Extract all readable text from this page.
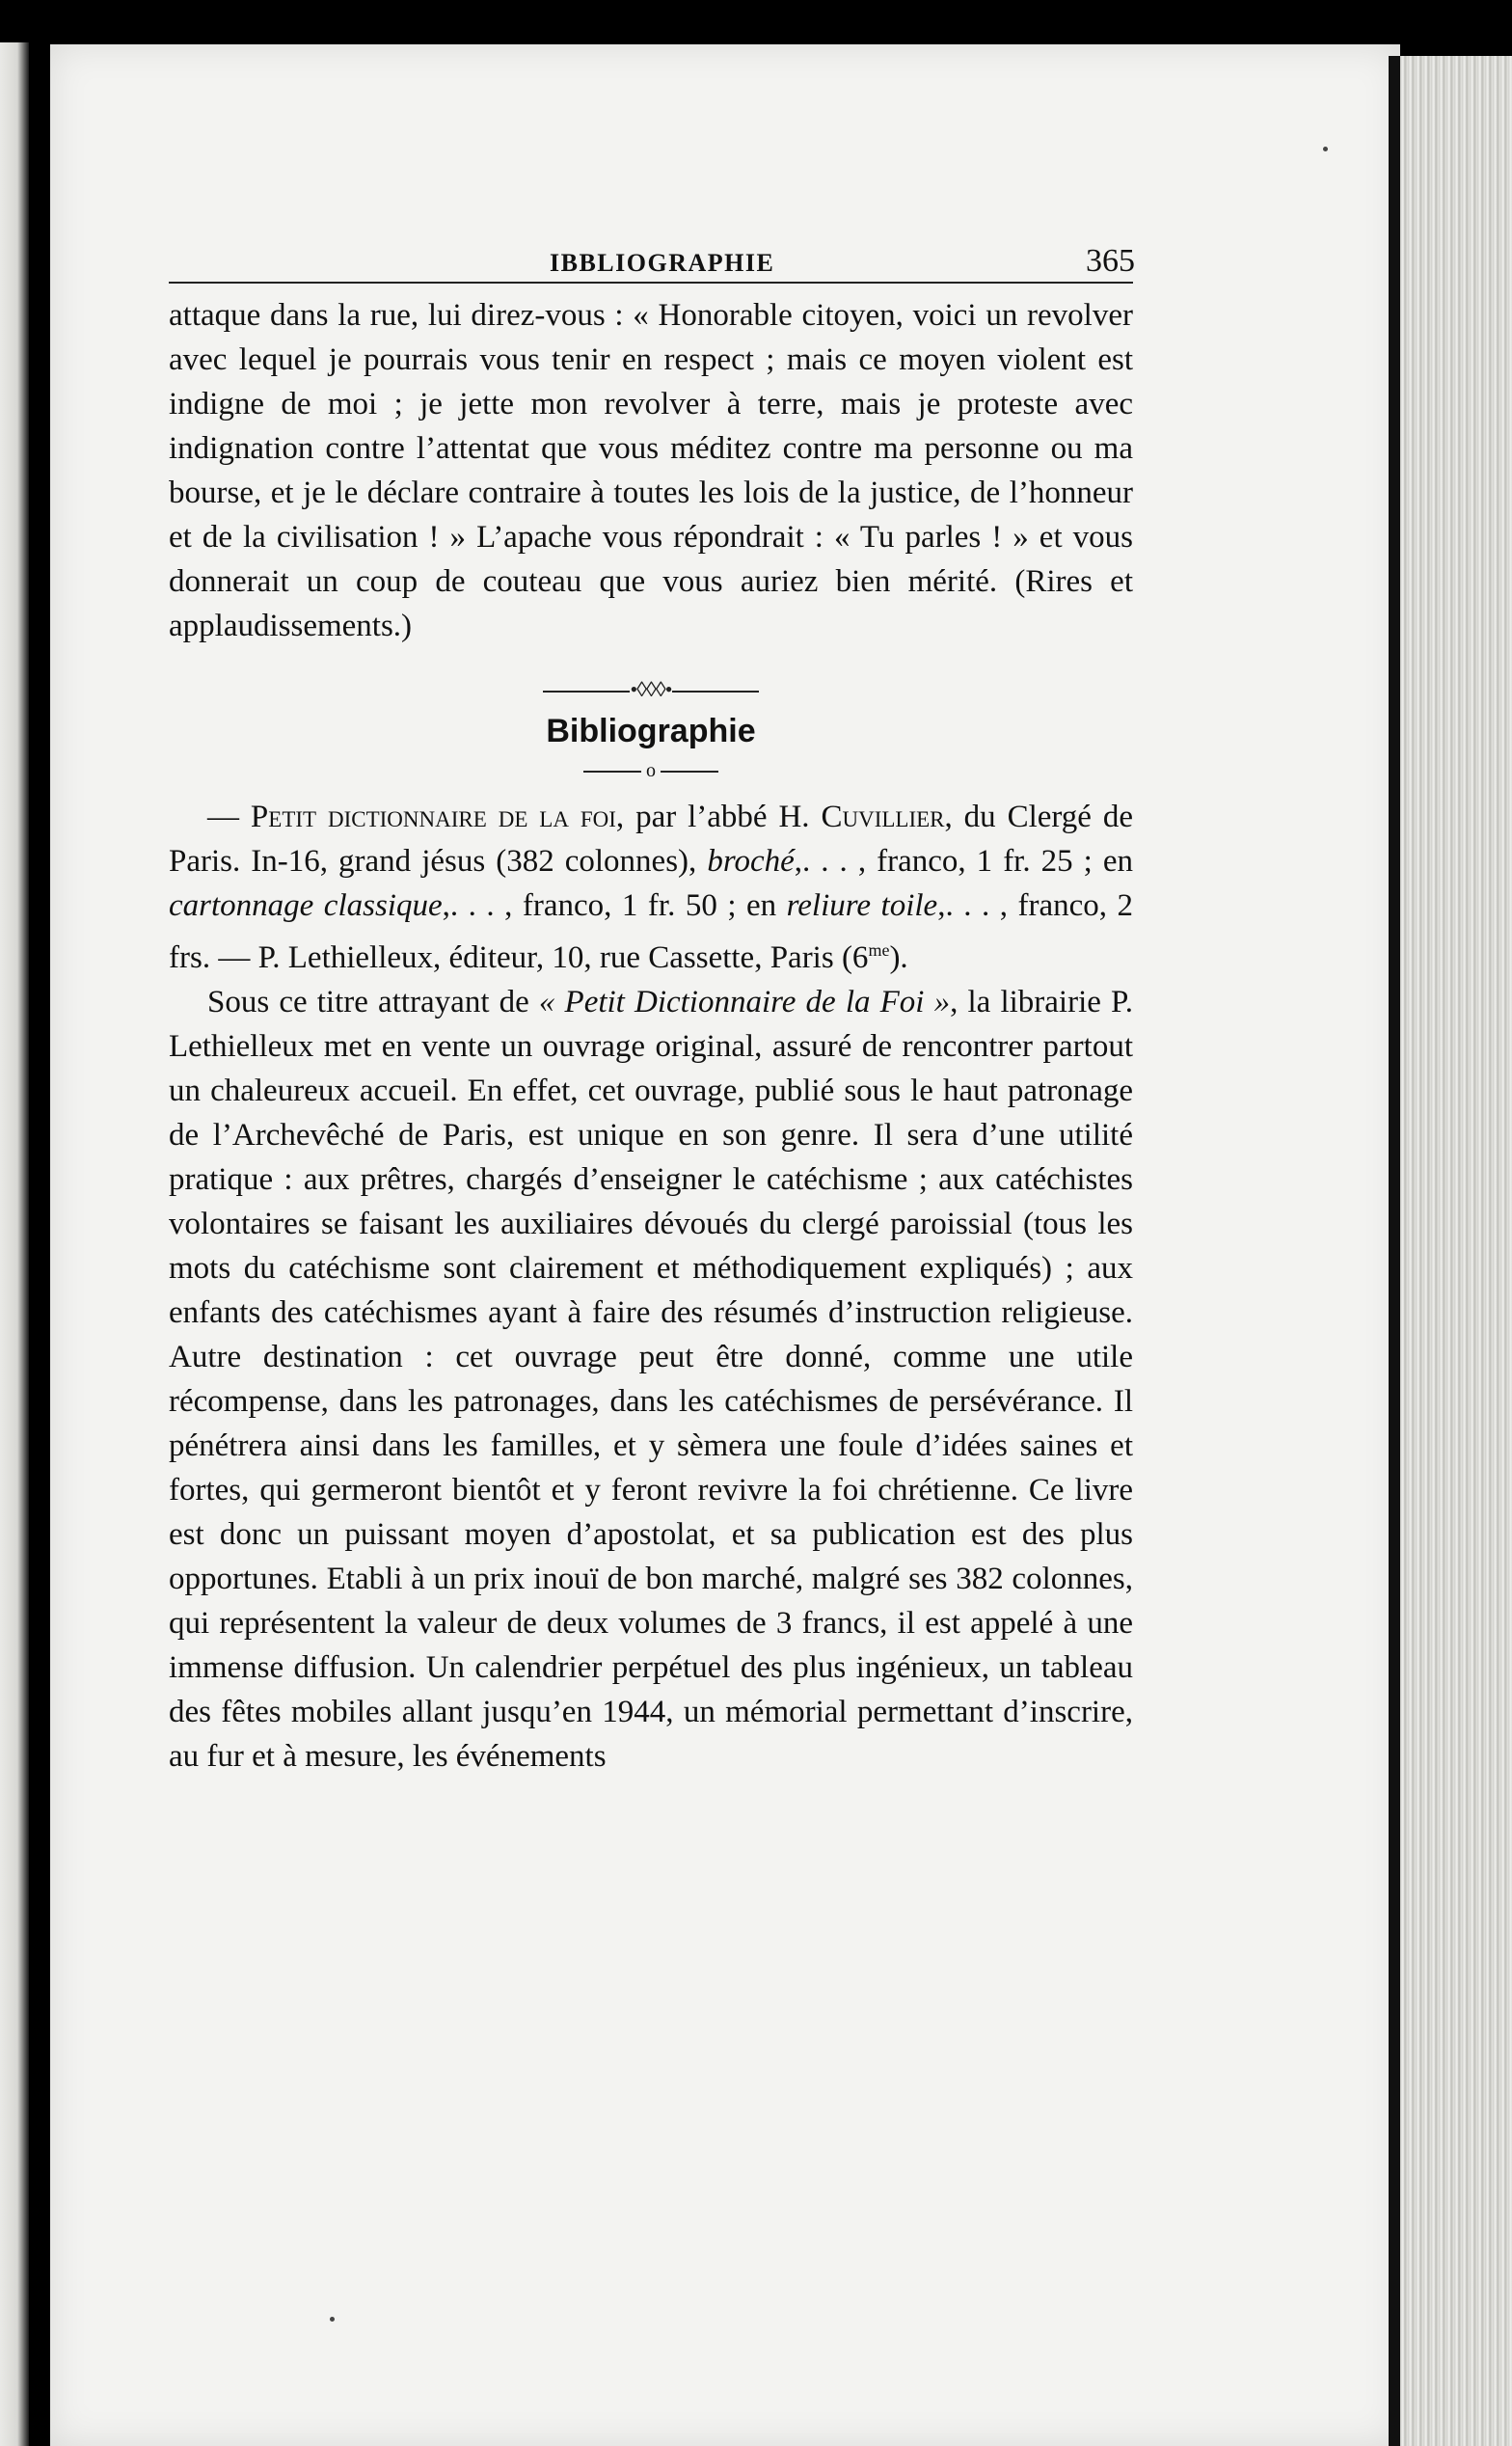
IBBLIOGRAPHIE	365

attaque dans la rue, lui direz-vous : « Honorable citoyen, voici un revolver avec lequel je pourrais vous tenir en respect ; mais ce moyen violent est indigne de moi ; je jette mon revolver à terre, mais je proteste avec indignation contre l’attentat que vous méditez contre ma personne ou ma bourse, et je le déclare contraire à toutes les lois de la justice, de l’honneur et de la civilisation ! » L’apache vous répondrait : « Tu parles ! » et vous donnerait un coup de couteau que vous auriez bien mérité. (Rires et applaudissements.)

•◊◊◊•
Bibliographie
o

— Petit dictionnaire de la foi, par l’abbé H. Cuvillier, du Clergé de Paris. In-16, grand jésus (382 colonnes), broché,. . . , franco, 1 fr. 25 ; en cartonnage classique,. . . , franco, 1 fr. 50 ; en reliure toile,. . . , franco, 2 frs. — P. Lethielleux, éditeur, 10, rue Cassette, Paris $(6^{me})$.

Sous ce titre attrayant de « Petit Dictionnaire de la Foi », la librairie P. Lethielleux met en vente un ouvrage original, assuré de rencontrer partout un chaleureux accueil. En effet, cet ouvrage, publié sous le haut patronage de l’Archevêché de Paris, est unique en son genre. Il sera d’une utilité pratique : aux prêtres, chargés d’enseigner le catéchisme ; aux catéchistes volontaires se faisant les auxiliaires dévoués du clergé paroissial (tous les mots du catéchisme sont clairement et méthodiquement expliqués) ; aux enfants des catéchismes ayant à faire des résumés d’instruction religieuse. Autre destination : cet ouvrage peut être donné, comme une utile récompense, dans les patronages, dans les catéchismes de persévérance. Il pénétrera ainsi dans les familles, et y sèmera une foule d’idées saines et fortes, qui germeront bientôt et y feront revivre la foi chrétienne. Ce livre est donc un puissant moyen d’apostolat, et sa publication est des plus opportunes. Etabli à un prix inouï de bon marché, malgré ses 382 colonnes, qui représentent la valeur de deux volumes de 3 francs, il est appelé à une immense diffusion. Un calendrier perpétuel des plus ingénieux, un tableau des fêtes mobiles allant jusqu’en 1944, un mémorial permettant d’inscrire, au fur et à mesure, les événements
